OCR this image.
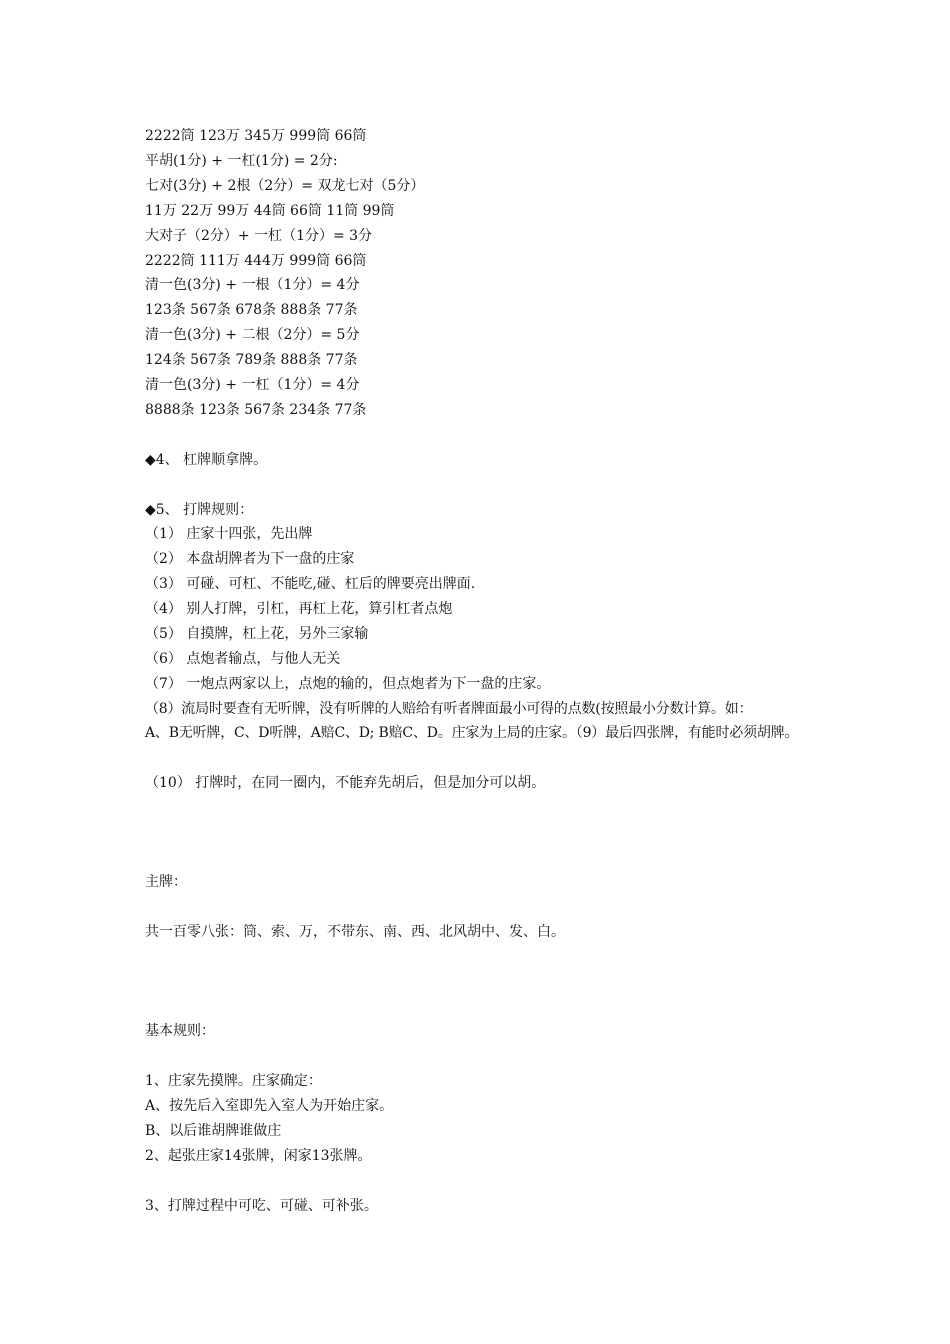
2222筒 123万 345万 999筒 66筒
平胡(1分) + 一杠(1分) = 2分:
七对(3分) + 2根（2分）= 双龙七对（5分）
11万 22万 99万 44筒 66筒 11筒 99筒
大对子（2分）+ 一杠（1分）= 3分
2222筒 111万 444万 999筒 66筒
清一色(3分) + 一根（1分）= 4分
123条 567条 678条 888条 77条
清一色(3分) + 二根（2分）= 5分
124条 567条 789条 888条 77条
清一色(3分) + 一杠（1分）= 4分
8888条 123条 567条 234条 77条
◆4、 杠牌顺拿牌。
◆5、 打牌规则：
（1） 庄家十四张，先出牌
（2） 本盘胡牌者为下一盘的庄家
（3） 可碰、可杠、不能吃,碰、杠后的牌要亮出牌面.
（4） 别人打牌，引杠，再杠上花，算引杠者点炮
（5） 自摸牌，杠上花，另外三家输
（6） 点炮者输点，与他人无关
（7） 一炮点两家以上，点炮的输的，但点炮者为下一盘的庄家。
（8）流局时要查有无听牌，没有听牌的人赔给有听者牌面最小可得的点数(按照最小分数计算。如：
A、B无听牌，C、D听牌，A赔C、D; B赔C、D。庄家为上局的庄家。（9）最后四张牌，有能时必须胡牌。
（10） 打牌时，在同一圈内，不能弃先胡后，但是加分可以胡。
主牌：
共一百零八张：筒、索、万，不带东、南、西、北风胡中、发、白。
基本规则：
1、庄家先摸牌。庄家确定：
A、按先后入室即先入室人为开始庄家。
B、以后谁胡牌谁做庄
2、起张庄家14张牌，闲家13张牌。
3、打牌过程中可吃、可碰、可补张。
